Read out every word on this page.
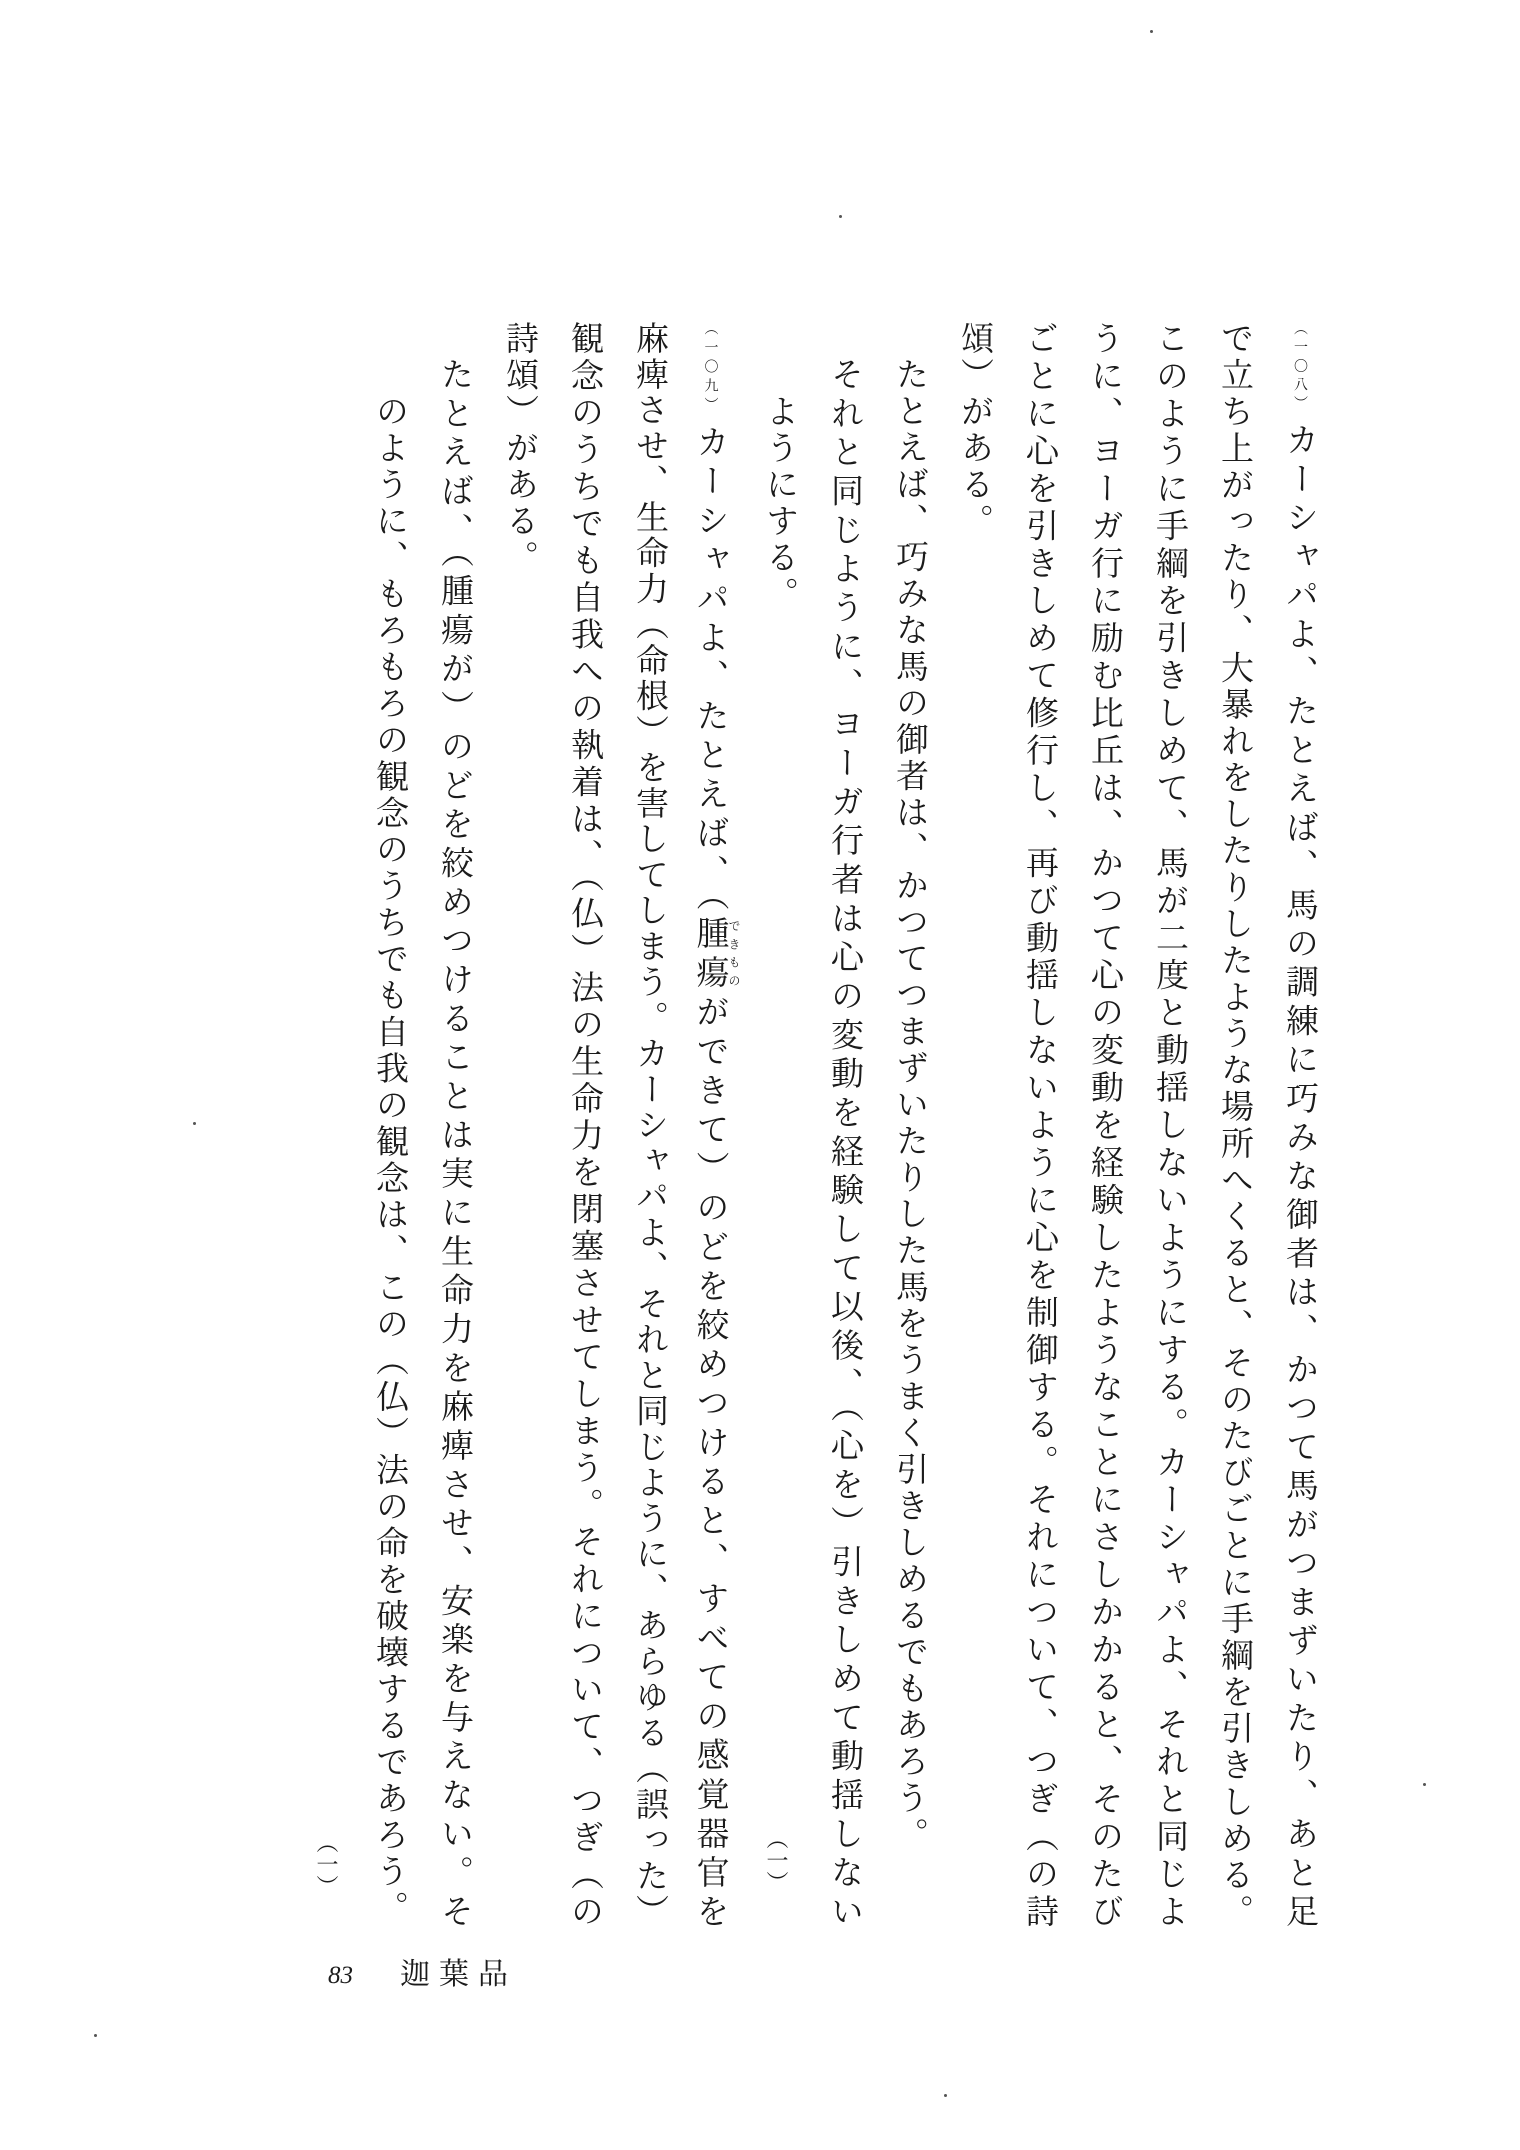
（一〇八）カーシャパよ、たとえば、馬の調練に巧みな御者は、かつて馬がつまずいたり、あと足
で立ち上がったり、大暴れをしたりしたような場所へくると、そのたびごとに手綱を引きしめる。
このように手綱を引きしめて、馬が二度と動揺しないようにする。カーシャパよ、それと同じよ
うに、ヨーガ行に励む比丘は、かつて心の変動を経験したようなことにさしかかると、そのたび
ごとに心を引きしめて修行し、再び動揺しないように心を制御する。それについて、つぎ（の詩
頌）がある。
たとえば、巧みな馬の御者は、かつてつまずいたりした馬をうまく引きしめるでもあろう。
それと同じように、ヨーガ行者は心の変動を経験して以後、（心を）引きしめて動揺しない
ようにする。
（一）
（一〇九）カーシャパよ、たとえば、（腫瘍できものができて）のどを絞めつけると、すべての感覚器官を
麻痺させ、生命力（命根）を害してしまう。カーシャパよ、それと同じように、あらゆる（誤った）
観念のうちでも自我への執着は、（仏）法の生命力を閉塞させてしまう。それについて、つぎ（の
詩頌）がある。
たとえば、（腫瘍が）のどを絞めつけることは実に生命力を麻痺させ、安楽を与えない。そ
のように、もろもろの観念のうちでも自我の観念は、この（仏）法の命を破壊するであろう。
（一）
83 迦葉品
